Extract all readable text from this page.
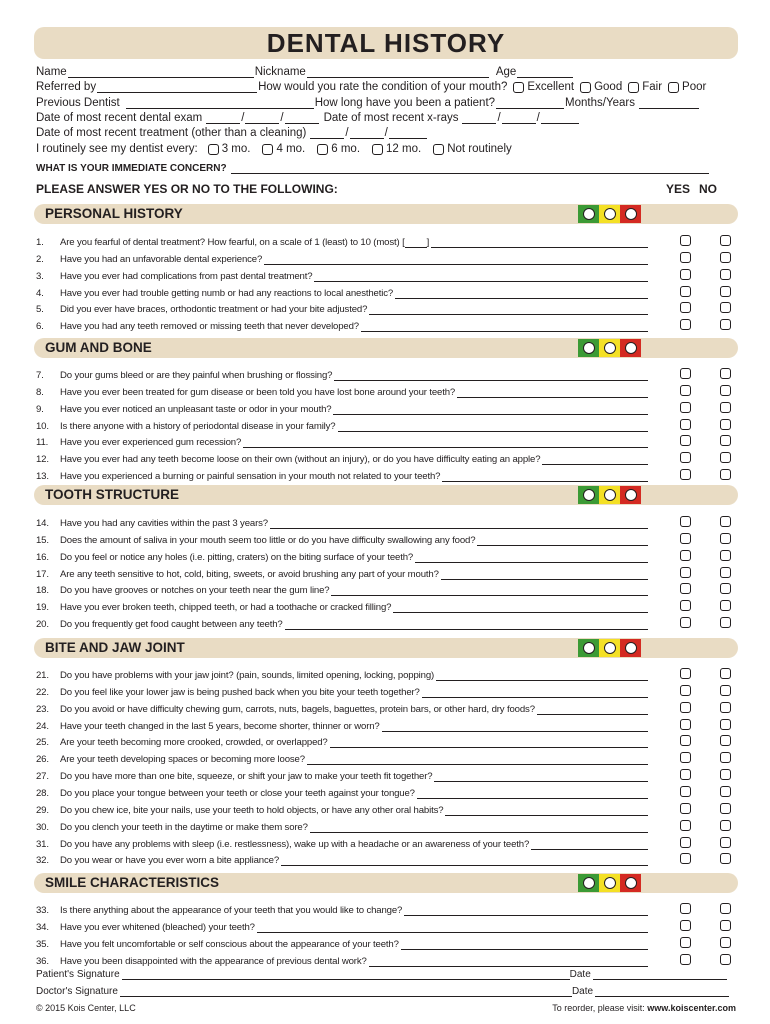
DENTAL HISTORY
Name	Nickname	Age
Referred by	How would you rate the condition of your mouth? Excellent Good Fair Poor
Previous Dentist	How long have you been a patient?	Months/Years
Date of most recent dental exam	/	/	Date of most recent x-rays	/	/
Date of most recent treatment (other than a cleaning)	/	/
I routinely see my dentist every: 3 mo. 4 mo. 6 mo. 12 mo. Not routinely
WHAT IS YOUR IMMEDIATE CONCERN?
PLEASE ANSWER YES OR NO TO THE FOLLOWING:	YES NO
PERSONAL HISTORY
1.	Are you fearful of dental treatment? How fearful, on a scale of 1 (least) to 10 (most) [ ]
2.	Have you had an unfavorable dental experience?
3.	Have you ever had complications from past dental treatment?
4.	Have you ever had trouble getting numb or had any reactions to local anesthetic?
5.	Did you ever have braces, orthodontic treatment or had your bite adjusted?
6.	Have you had any teeth removed or missing teeth that never developed?
GUM AND BONE
7.	Do your gums bleed or are they painful when brushing or flossing?
8.	Have you ever been treated for gum disease or been told you have lost bone around your teeth?
9.	Have you ever noticed an unpleasant taste or odor in your mouth?
10.	Is there anyone with a history of periodontal disease in your family?
11.	Have you ever experienced gum recession?
12.	Have you ever had any teeth become loose on their own (without an injury), or do you have difficulty eating an apple?
13.	Have you experienced a burning or painful sensation in your mouth not related to your teeth?
TOOTH STRUCTURE
14.	Have you had any cavities within the past 3 years?
15.	Does the amount of saliva in your mouth seem too little or do you have difficulty swallowing any food?
16.	Do you feel or notice any holes (i.e. pitting, craters) on the biting surface of your teeth?
17.	Are any teeth sensitive to hot, cold, biting, sweets, or avoid brushing any part of your mouth?
18.	Do you have grooves or notches on your teeth near the gum line?
19.	Have you ever broken teeth, chipped teeth, or had a toothache or cracked filling?
20.	Do you frequently get food caught between any teeth?
BITE AND JAW JOINT
21.	Do you have problems with your jaw joint? (pain, sounds, limited opening, locking, popping)
22.	Do you feel like your lower jaw is being pushed back when you bite your teeth together?
23.	Do you avoid or have difficulty chewing gum, carrots, nuts, bagels, baguettes, protein bars, or other hard, dry foods?
24.	Have your teeth changed in the last 5 years, become shorter, thinner or worn?
25.	Are your teeth becoming more crooked, crowded, or overlapped?
26.	Are your teeth developing spaces or becoming more loose?
27.	Do you have more than one bite, squeeze, or shift your jaw to make your teeth fit together?
28.	Do you place your tongue between your teeth or close your teeth against your tongue?
29.	Do you chew ice, bite your nails, use your teeth to hold objects, or have any other oral habits?
30.	Do you clench your teeth in the daytime or make them sore?
31.	Do you have any problems with sleep (i.e. restlessness), wake up with a headache or an awareness of your teeth?
32.	Do you wear or have you ever worn a bite appliance?
SMILE CHARACTERISTICS
33.	Is there anything about the appearance of your teeth that you would like to change?
34.	Have you ever whitened (bleached) your teeth?
35.	Have you felt uncomfortable or self conscious about the appearance of your teeth?
36.	Have you been disappointed with the appearance of previous dental work?
Patient's Signature	Date
Doctor's Signature	Date
© 2015 Kois Center, LLC	To reorder, please visit: www.koiscenter.com
